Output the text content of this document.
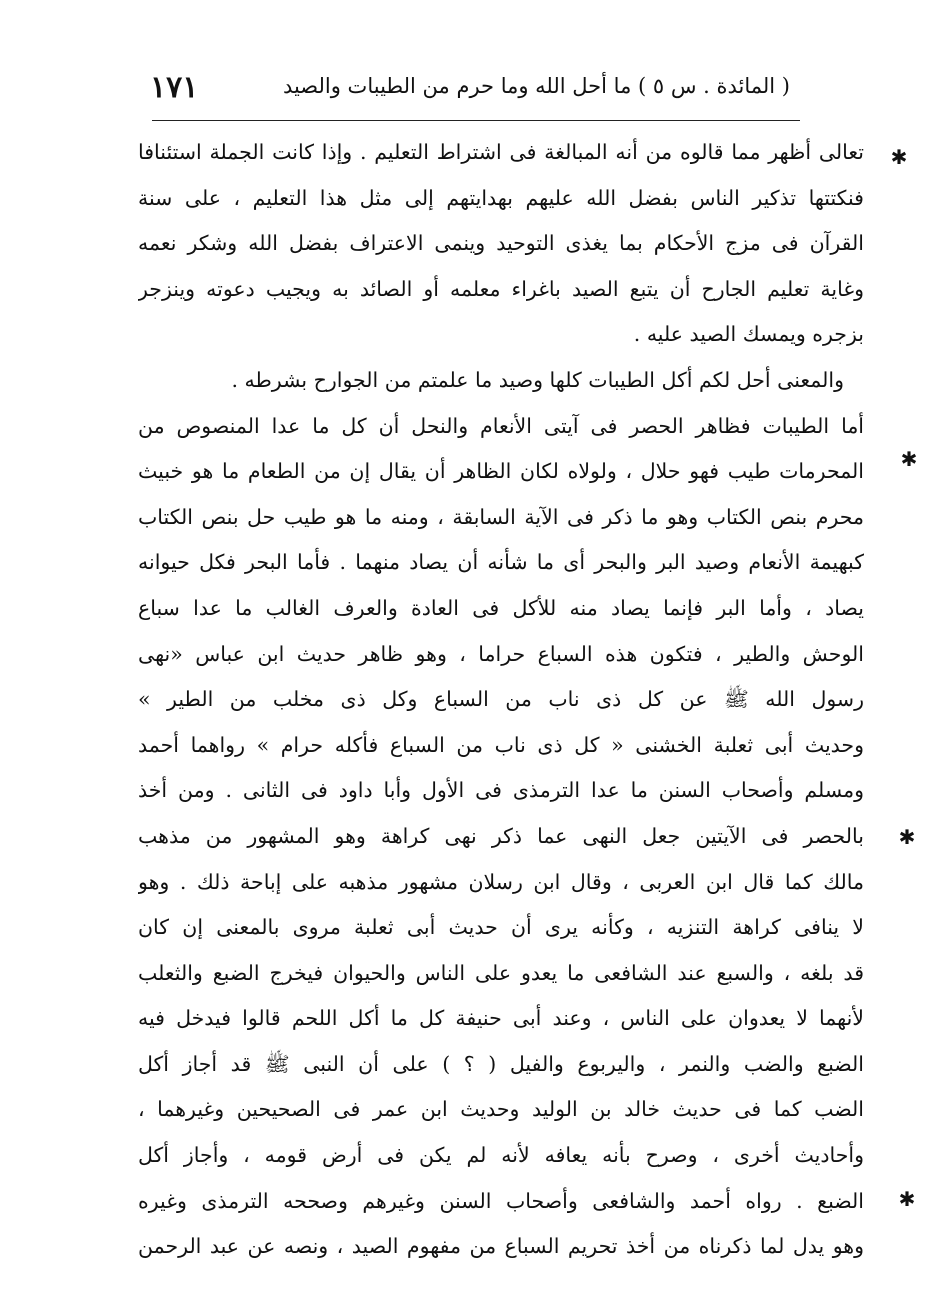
( المائدة . س ٥ ) ما أحل الله وما حرم من الطيبات والصيد
١٧١
✱
✱
✱
✱
تعالى أظهر مما قالوه من أنه المبالغة فى اشتراط التعليم . وإذا كانت الجملة استئنافا
فنكتتها تذكير الناس بفضل الله عليهم بهدايتهم إلى مثل هذا التعليم ، على سنة
القرآن فى مزج الأحكام بما يغذى التوحيد وينمى الاعتراف بفضل الله وشكر نعمه
وغاية تعليم الجارح أن يتبع الصيد باغراء معلمه أو الصائد به ويجيب دعوته وينزجر
بزجره ويمسك الصيد عليه .
والمعنى أحل لكم أكل الطيبات كلها وصيد ما علمتم من الجوارح بشرطه .
أما الطيبات فظاهر الحصر فى آيتى الأنعام والنحل أن كل ما عدا المنصوص من
المحرمات طيب فهو حلال ، ولولاه لكان الظاهر أن يقال إن من الطعام ما هو خبيث
محرم بنص الكتاب وهو ما ذكر فى الآية السابقة ، ومنه ما هو طيب حل بنص الكتاب
كبهيمة الأنعام وصيد البر والبحر أى ما شأنه أن يصاد منهما . فأما البحر فكل حيوانه
يصاد ، وأما البر فإنما يصاد منه للأكل فى العادة والعرف الغالب ما عدا سباع
الوحش والطير ، فتكون هذه السباع حراما ، وهو ظاهر حديث ابن عباس «نهى
رسول الله ﷺ عن كل ذى ناب من السباع وكل ذى مخلب من الطير »
وحديث أبى ثعلبة الخشنى « كل ذى ناب من السباع فأكله حرام » رواهما أحمد
ومسلم وأصحاب السنن ما عدا الترمذى فى الأول وأبا داود فى الثانى . ومن أخذ
بالحصر فى الآيتين جعل النهى عما ذكر نهى كراهة وهو المشهور من مذهب
مالك كما قال ابن العربى ، وقال ابن رسلان مشهور مذهبه على إباحة ذلك . وهو
لا ينافى كراهة التنزيه ، وكأنه يرى أن حديث أبى ثعلبة مروى بالمعنى إن كان
قد بلغه ، والسبع عند الشافعى ما يعدو على الناس والحيوان فيخرج الضبع والثعلب
لأنهما لا يعدوان على الناس ، وعند أبى حنيفة كل ما أكل اللحم قالوا فيدخل فيه
الضبع والضب والنمر ، واليربوع والفيل ( ؟ ) على أن النبى ﷺ قد أجاز أكل
الضب كما فى حديث خالد بن الوليد وحديث ابن عمر فى الصحيحين وغيرهما ،
وأحاديث أخرى ، وصرح بأنه يعافه لأنه لم يكن فى أرض قومه ، وأجاز أكل
الضبع . رواه أحمد والشافعى وأصحاب السنن وغيرهم وصححه الترمذى وغيره
وهو يدل لما ذكرناه من أخذ تحريم السباع من مفهوم الصيد ، ونصه عن عبد الرحمن
